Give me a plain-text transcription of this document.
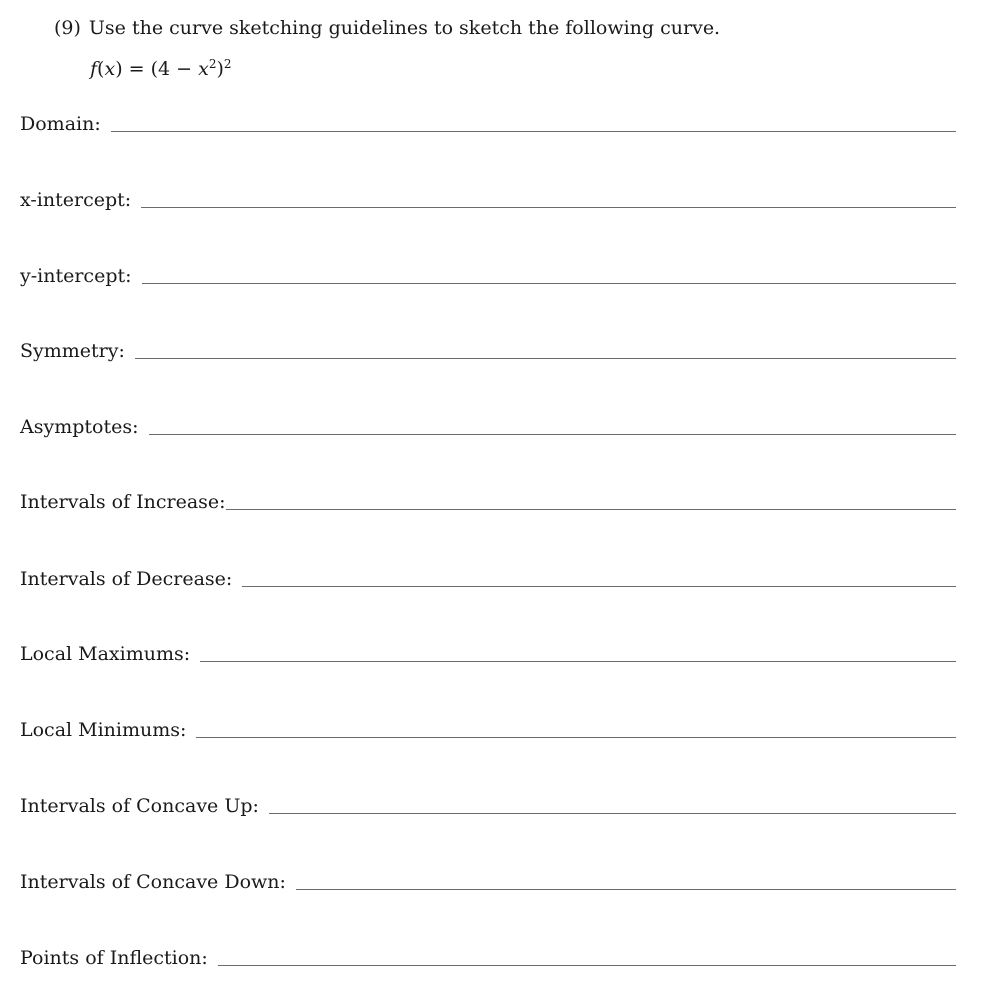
(9) Use the curve sketching guidelines to sketch the following curve.
$f(x) = (4 - x^2)^2$
Domain:
x-intercept:
y-intercept:
Symmetry:
Asymptotes:
Intervals of Increase:
Intervals of Decrease:
Local Maximums:
Local Minimums:
Intervals of Concave Up:
Intervals of Concave Down:
Points of Inflection:
